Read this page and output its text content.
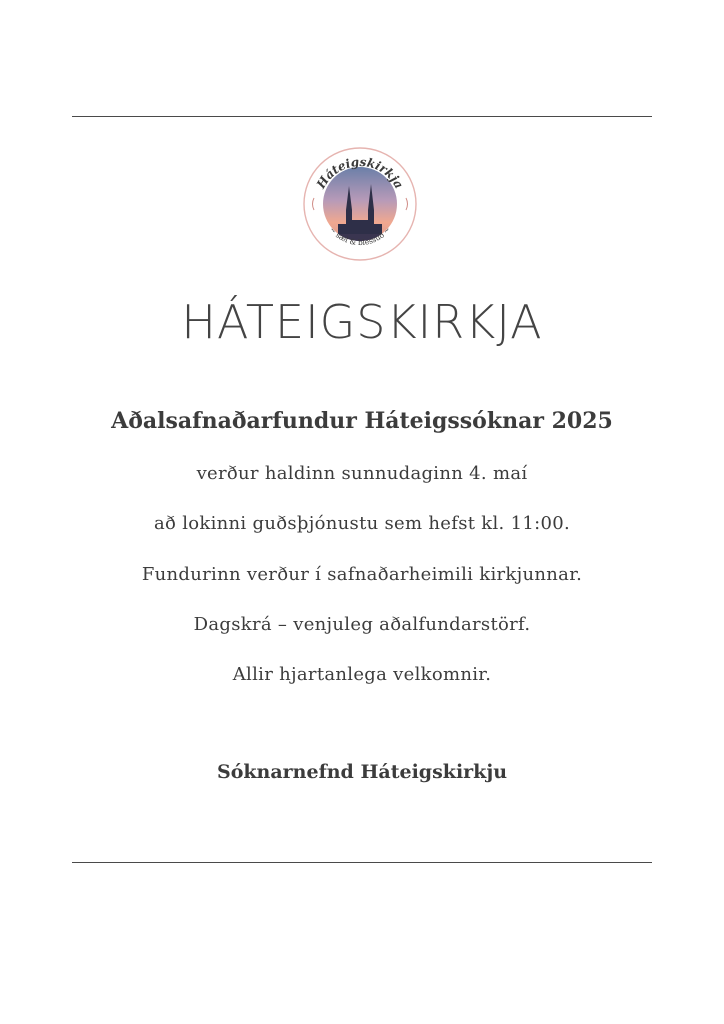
Háteigskirkja
~ sæl & blessuð ~
HÁTEIGSKIRKJA
Aðalsafnaðarfundur Háteigssóknar 2025
verður haldinn sunnudaginn 4. maí
að lokinni guðsþjónustu sem hefst kl. 11:00.
Fundurinn verður í safnaðarheimili kirkjunnar.
Dagskrá – venjuleg aðalfundarstörf.
Allir hjartanlega velkomnir.
Sóknarnefnd Háteigskirkju
